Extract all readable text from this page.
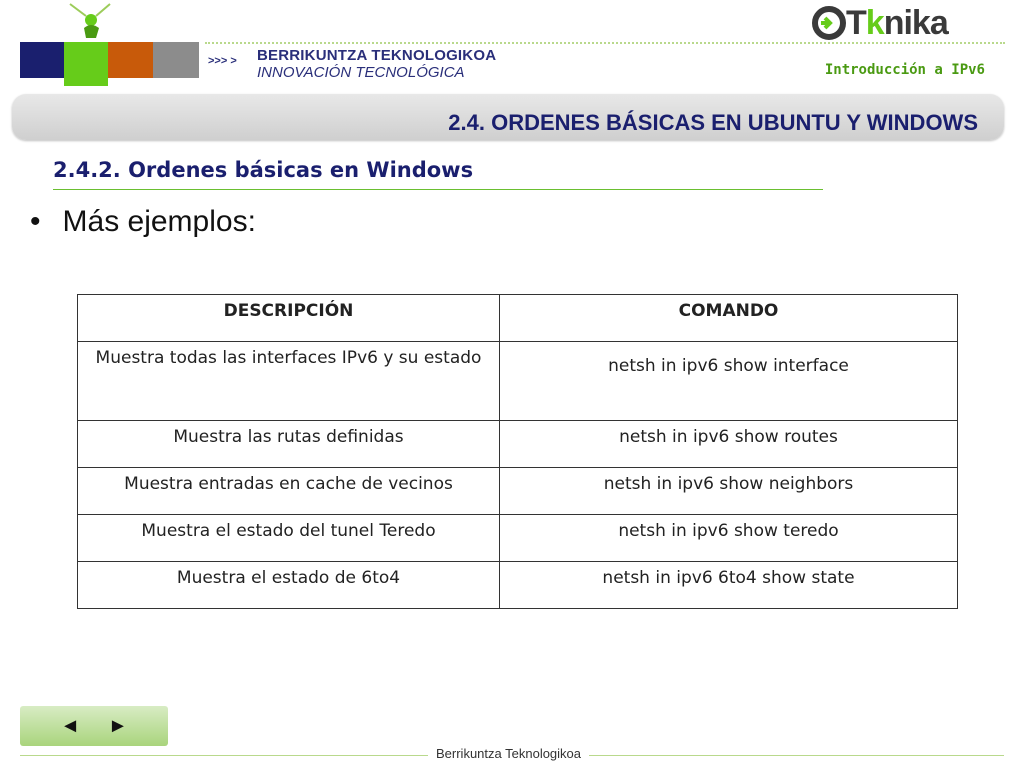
>>> > BERRIKUNTZA TEKNOLOGIKOA
INNOVACIÓN TECNOLÓGICA
Tknika
Introducción a IPv6
2.4. ORDENES BÁSICAS EN UBUNTU Y WINDOWS
2.4.2. Ordenes básicas en Windows
• Más ejemplos:
DESCRIPCIÓN	COMANDO
Muestra todas las interfaces IPv6 y su estado	netsh in ipv6 show interface
Muestra las rutas definidas	netsh in ipv6 show routes
Muestra entradas en cache de vecinos	netsh in ipv6 show neighbors
Muestra el estado del tunel Teredo	netsh in ipv6 show teredo
Muestra el estado de 6to4	netsh in ipv6 6to4 show state
◄ ►
Berrikuntza Teknologikoa
